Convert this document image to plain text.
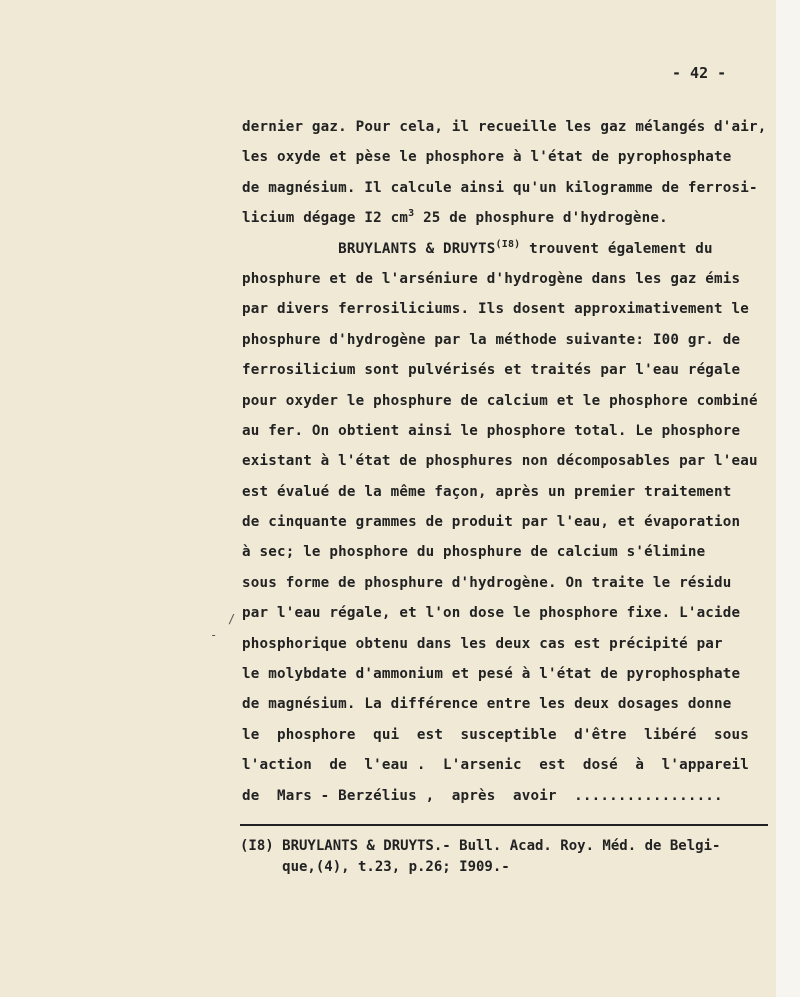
- 42 -
dernier gaz. Pour cela, il recueille les gaz mélangés d'air,
les oxyde et pèse le phosphore à l'état de pyrophosphate
de magnésium. Il calcule ainsi qu'un kilogramme de ferrosi-
licium dégage I2 $cm^3$ 25 de phosphure d'hydrogène.
BRUYLANTS & $DRUYTS^{(I8)}$ trouvent également du
phosphure et de l'arséniure d'hydrogène dans les gaz émis
par divers ferrosiliciums. Ils dosent approximativement le
phosphure d'hydrogène par la méthode suivante: I00 gr. de
ferrosilicium sont pulvérisés et traités par l'eau régale
pour oxyder le phosphure de calcium et le phosphore combiné
au fer. On obtient ainsi le phosphore total. Le phosphore
existant à l'état de phosphures non décomposables par l'eau
est évalué de la même façon, après un premier traitement
de cinquante grammes de produit par l'eau, et évaporation
à sec; le phosphore du phosphure de calcium s'élimine
sous forme de phosphure d'hydrogène. On traite le résidu
par l'eau régale, et l'on dose le phosphore fixe. L'acide
phosphorique obtenu dans les deux cas est précipité par
le molybdate d'ammonium et pesé à l'état de pyrophosphate
de magnésium. La différence entre les deux dosages donne
le  phosphore  qui  est  susceptible  d'être  libéré  sous
l'action  de  l'eau .  L'arsenic  est  dosé  à  l'appareil
de  Mars - Berzélius ,  après  avoir  .................
(I8) BRUYLANTS & DRUYTS.- Bull. Acad. Roy. Méd. de Belgi-
que,(4), t.23, p.26; I909.-
/
-
